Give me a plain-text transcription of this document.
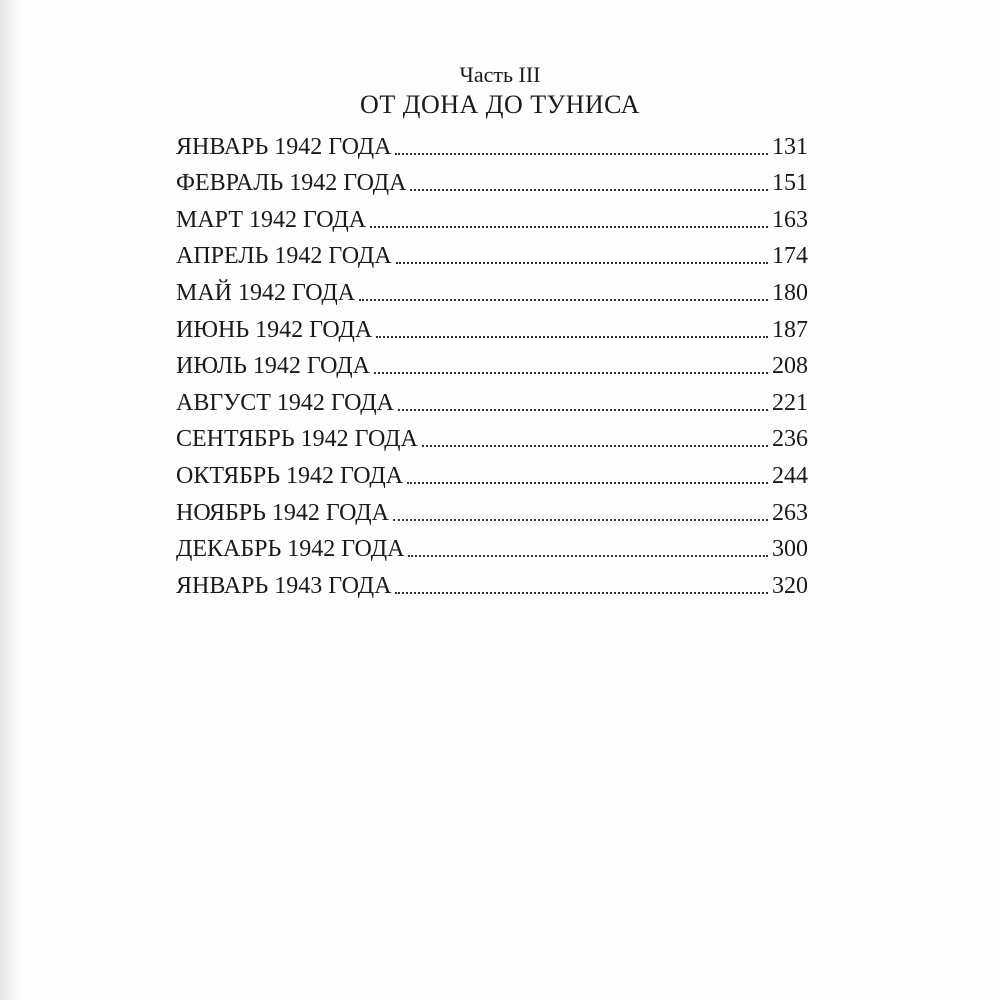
Часть III
ОТ ДОНА ДО ТУНИСА
ЯНВАРЬ 1942 ГОДА	131
ФЕВРАЛЬ 1942 ГОДА	151
МАРТ 1942 ГОДА	163
АПРЕЛЬ 1942 ГОДА	174
МАЙ 1942 ГОДА	180
ИЮНЬ 1942 ГОДА	187
ИЮЛЬ 1942 ГОДА	208
АВГУСТ 1942 ГОДА	221
СЕНТЯБРЬ 1942 ГОДА	236
ОКТЯБРЬ 1942 ГОДА	244
НОЯБРЬ 1942 ГОДА	263
ДЕКАБРЬ 1942 ГОДА	300
ЯНВАРЬ 1943 ГОДА	320
